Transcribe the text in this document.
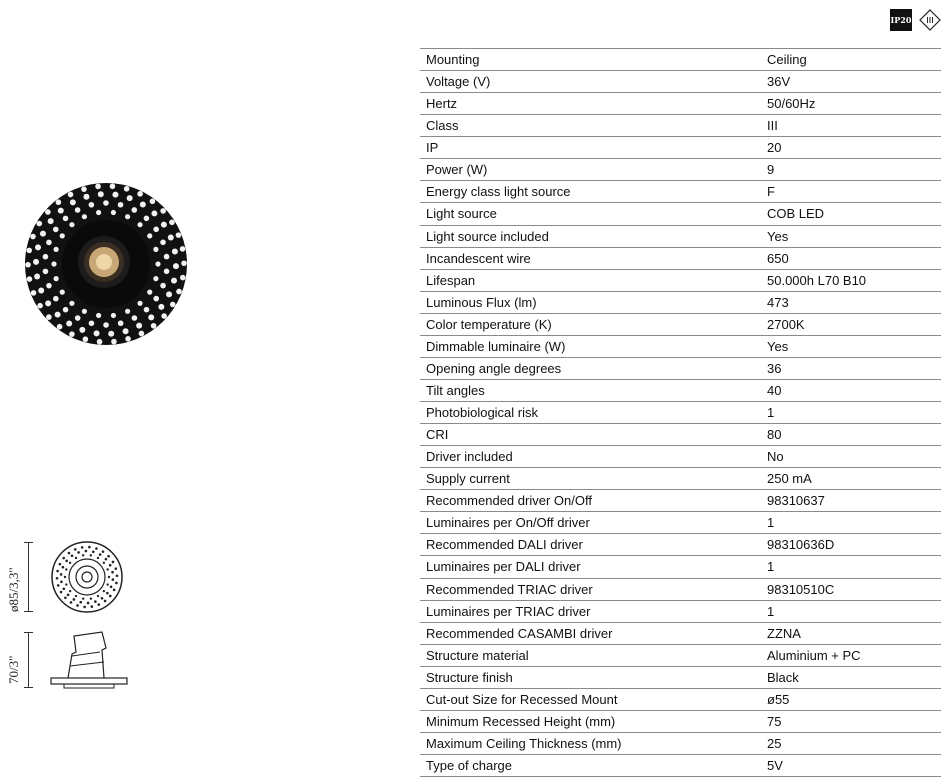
IP20
ø85/3,3"
70/3"
Mounting	Ceiling
Voltage (V)	36V
Hertz	50/60Hz
Class	III
IP	20
Power (W)	9
Energy class light source	F
Light source	COB LED
Light source included	Yes
Incandescent wire	650
Lifespan	50.000h L70 B10
Luminous Flux (lm)	473
Color temperature (K)	2700K
Dimmable luminaire (W)	Yes
Opening angle degrees	36
Tilt angles	40
Photobiological risk	1
CRI	80
Driver included	No
Supply current	250 mA
Recommended driver On/Off	98310637
Luminaires per On/Off driver	1
Recommended DALI driver	98310636D
Luminaires per DALI driver	1
Recommended TRIAC driver	98310510C
Luminaires per TRIAC driver	1
Recommended CASAMBI driver	ZZNA
Structure material	Aluminium + PC
Structure finish	Black
Cut-out Size for Recessed Mount	ø55
Minimum Recessed Height (mm)	75
Maximum Ceiling Thickness (mm)	25
Type of charge	5V
